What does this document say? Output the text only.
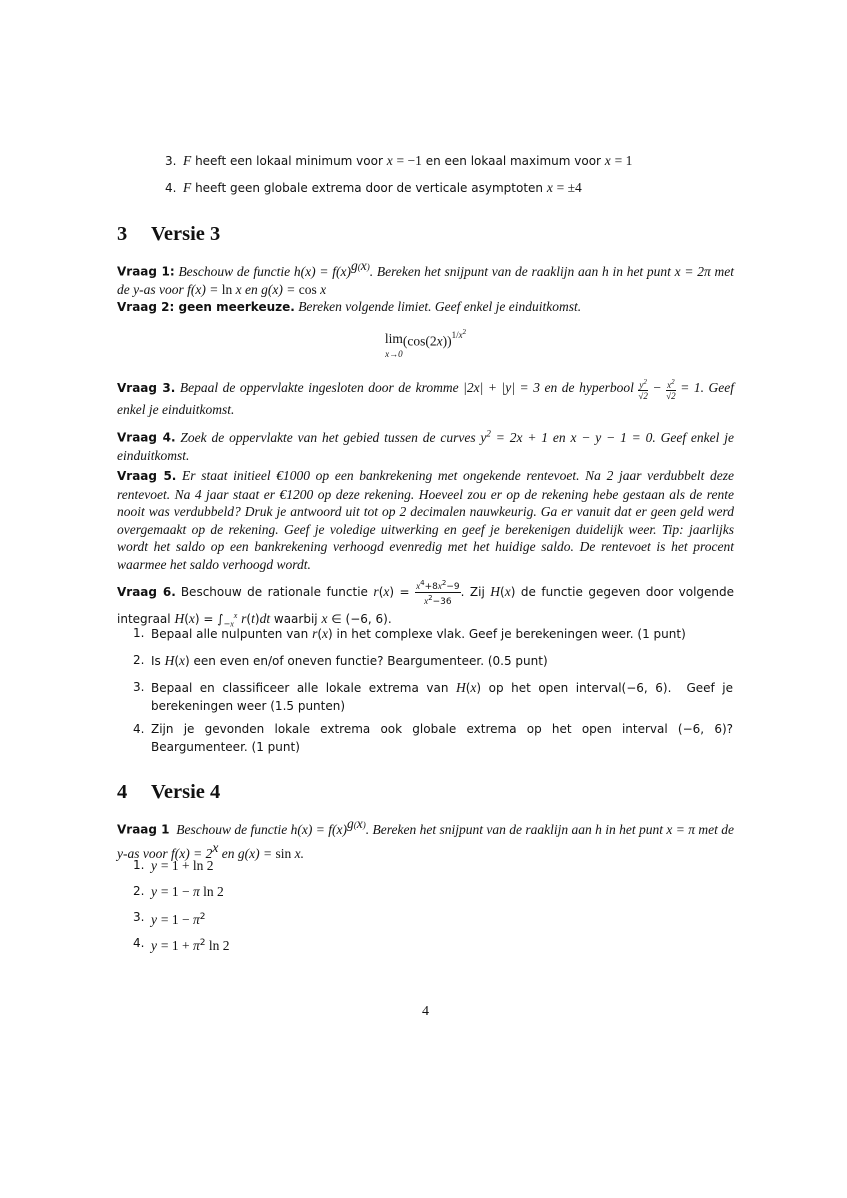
3. F heeft een lokaal minimum voor x = −1 en een lokaal maximum voor x = 1
4. F heeft geen globale extrema door de verticale asymptoten x = ±4
3 Versie 3
Vraag 1: Beschouw de functie $h(x) = f(x)^{g(x)}$. Bereken het snijpunt van de raaklijn aan h in het punt x = 2π met de y-as voor f(x) = ln x en g(x) = cos x
Vraag 2: geen meerkeuze. Bereken volgende limiet. Geef enkel je einduitkomst.
lim
$^{x\to 0}(\cos(2x))^{1/x^2}$
Vraag 3. Bepaal de oppervlakte ingesloten door de kromme |2x| + |y| = 3 en de hyperbool $\frac{y^2}{√2} - \frac{x^2}{√2} = 1$. Geef enkel je einduitkomst.
Vraag 4. Zoek de oppervlakte van het gebied tussen de curves $y^2 = 2x + 1$ en x − y − 1 = 0. Geef enkel je einduitkomst.
Vraag 5. Er staat initieel €1000 op een bankrekening met ongekende rentevoet. Na 2 jaar verdubbelt deze rentevoet. Na 4 jaar staat er €1200 op deze rekening. Hoeveel zou er op de rekening hebe gestaan als de rente nooit was verdubbeld? Druk je antwoord uit tot op 2 decimalen nauwkeurig. Ga er vanuit dat er geen geld werd overgemaakt op de rekening. Geef je voledige uitwerking en geef je berekenigen duidelijk weer. Tip: jaarlijks wordt het saldo op een bankrekening verhoogd evenredig met het huidige saldo. De rentevoet is het procent waarmee het saldo verhoogd wordt.
Vraag 6. Beschouw de rationale functie $r(x) = \frac{x^4+8x^2-9}{x^2-36}$ . Zij H(x) de functie gegeven door volgende integraal $H(x) = \int_{-x}^x$ r(t)dt waarbij x ∈ (−6, 6).
1. Bepaal alle nulpunten van r(x) in het complexe vlak. Geef je berekeningen weer. (1 punt)
2. Is H(x) een even en/of oneven functie? Beargumenteer. (0.5 punt)
3. Bepaal en classificeer alle lokale extrema van H(x) op het open interval(−6, 6).  Geef je berekeningen weer (1.5 punten)
4. Zijn je gevonden lokale extrema ook globale extrema op het open interval (−6, 6)? Beargumenteer. (1 punt)
4 Versie 4
Vraag 1  Beschouw de functie $h(x) = f(x)^{g(x)}$. Bereken het snijpunt van de raaklijn aan h in het punt x = π met de y-as voor $f(x) = 2^x$ en g(x) = sin x.
1. y = 1 + ln 2
2. y = 1 − π ln 2
3. $y = 1 - \pi^2$
4. $y = 1 + \pi^2$ ln 2
4
